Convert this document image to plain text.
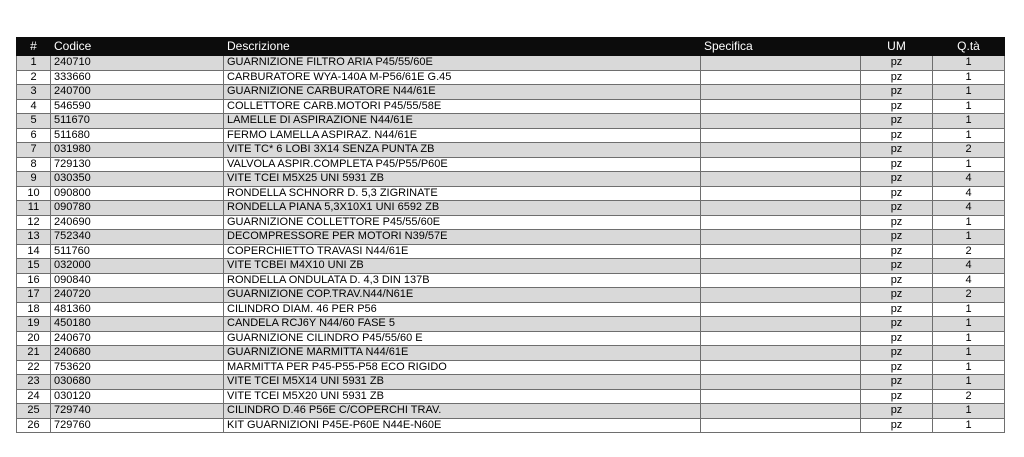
#	Codice	Descrizione	Specifica	UM	Q.tà
1	240710	GUARNIZIONE FILTRO ARIA P45/55/60E		pz	1
2	333660	CARBURATORE WYA-140A M-P56/61E G.45		pz	1
3	240700	GUARNIZIONE CARBURATORE N44/61E		pz	1
4	546590	COLLETTORE CARB.MOTORI P45/55/58E		pz	1
5	511670	LAMELLE DI ASPIRAZIONE N44/61E		pz	1
6	511680	FERMO LAMELLA ASPIRAZ. N44/61E		pz	1
7	031980	VITE TC* 6 LOBI 3X14 SENZA PUNTA ZB		pz	2
8	729130	VALVOLA ASPIR.COMPLETA P45/P55/P60E		pz	1
9	030350	VITE TCEI M5X25 UNI 5931 ZB		pz	4
10	090800	RONDELLA SCHNORR D. 5,3 ZIGRINATE		pz	4
11	090780	RONDELLA PIANA 5,3X10X1 UNI 6592 ZB		pz	4
12	240690	GUARNIZIONE COLLETTORE P45/55/60E		pz	1
13	752340	DECOMPRESSORE PER MOTORI N39/57E		pz	1
14	511760	COPERCHIETTO TRAVASI N44/61E		pz	2
15	032000	VITE TCBEI M4X10 UNI ZB		pz	4
16	090840	RONDELLA ONDULATA D. 4,3 DIN 137B		pz	4
17	240720	GUARNIZIONE COP.TRAV.N44/N61E		pz	2
18	481360	CILINDRO DIAM. 46 PER P56		pz	1
19	450180	CANDELA RCJ6Y N44/60 FASE 5		pz	1
20	240670	GUARNIZIONE CILINDRO P45/55/60 E		pz	1
21	240680	GUARNIZIONE MARMITTA N44/61E		pz	1
22	753620	MARMITTA PER P45-P55-P58 ECO RIGIDO		pz	1
23	030680	VITE TCEI M5X14 UNI 5931 ZB		pz	1
24	030120	VITE TCEI M5X20 UNI 5931 ZB		pz	2
25	729740	CILINDRO D.46 P56E C/COPERCHI TRAV.		pz	1
26	729760	KIT GUARNIZIONI P45E-P60E N44E-N60E		pz	1
